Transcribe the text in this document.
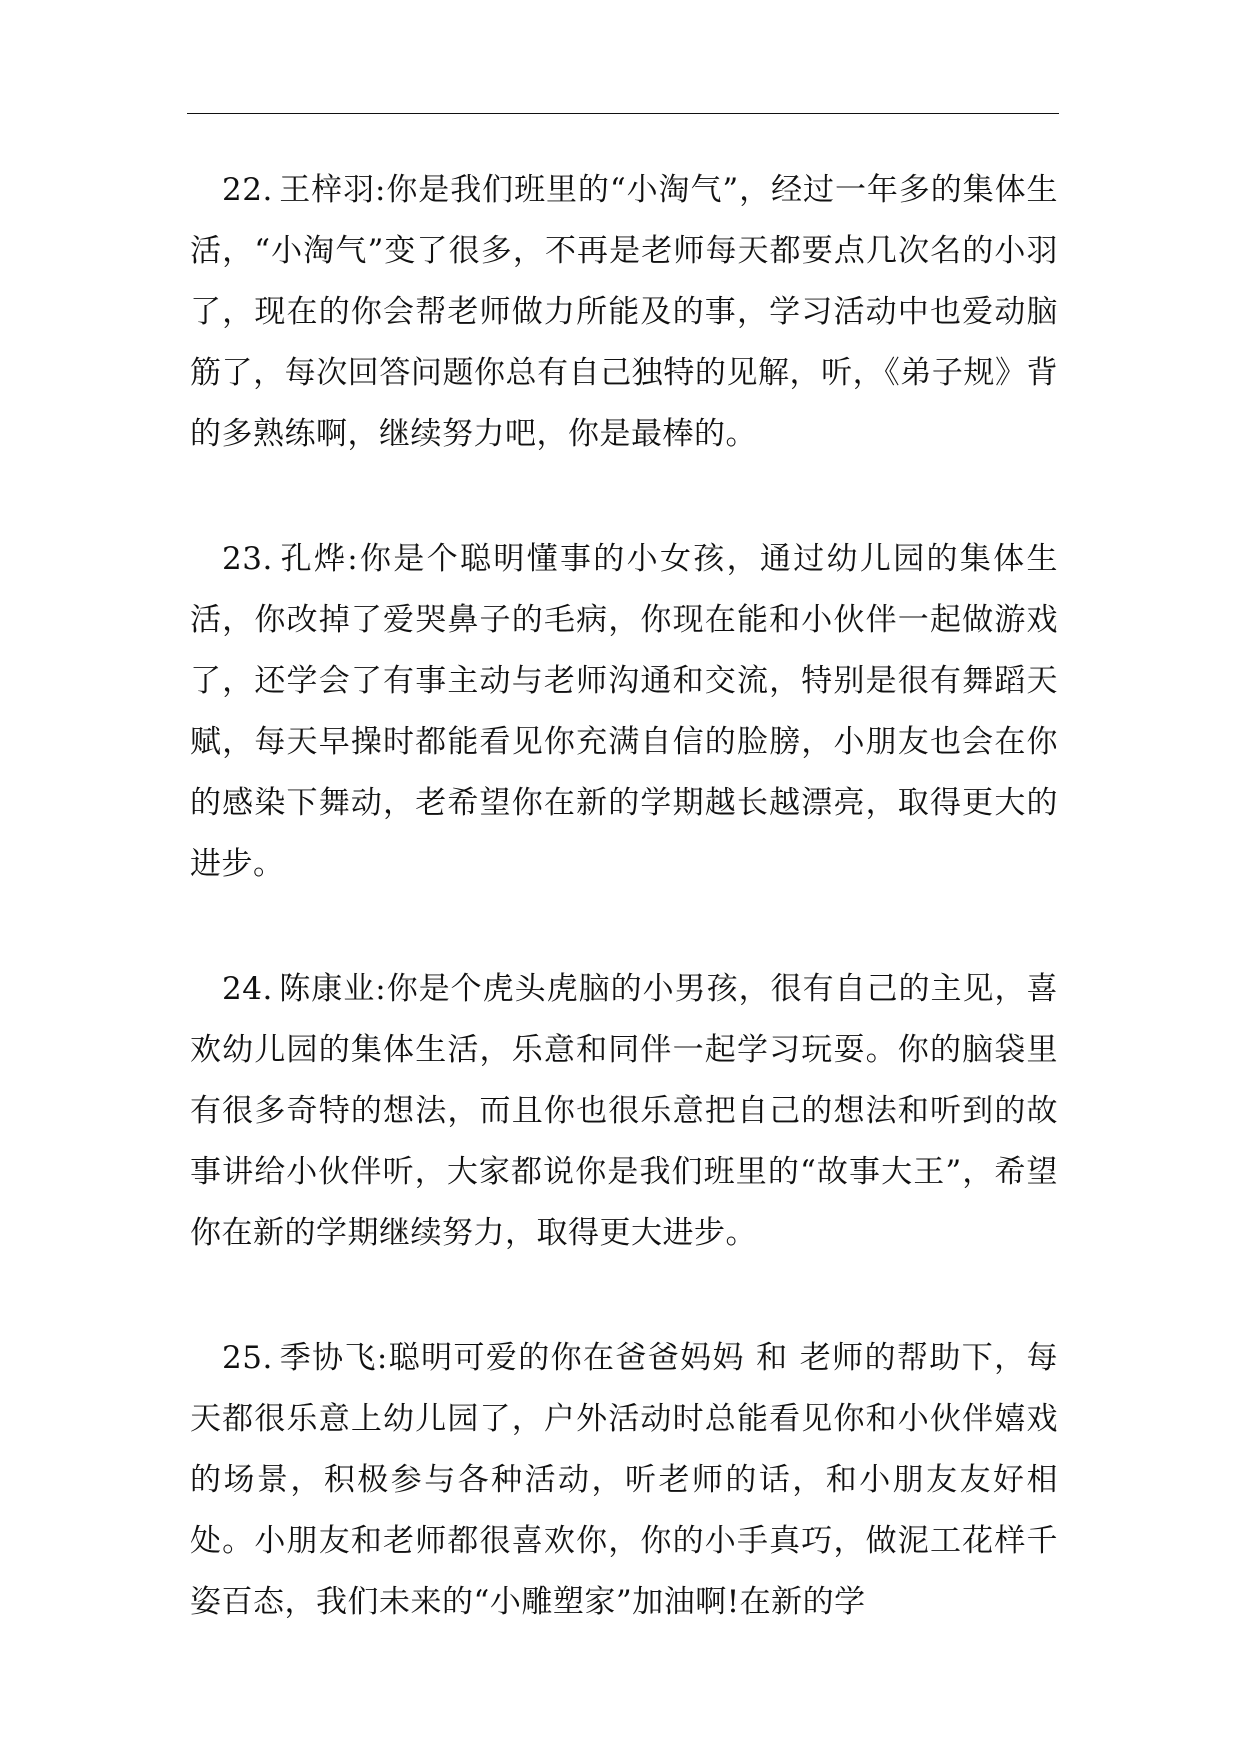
22. 王梓羽:你是我们班里的“小淘气”，经过一年多的集体生活，“小淘气”变了很多，不再是老师每天都要点几次名的小羽了，现在的你会帮老师做力所能及的事，学习活动中也爱动脑筋了，每次回答问题你总有自己独特的见解，听，《弟子规》背的多熟练啊，继续努力吧，你是最棒的。

23. 孔烨:你是个聪明懂事的小女孩，通过幼儿园的集体生活，你改掉了爱哭鼻子的毛病，你现在能和小伙伴一起做游戏了，还学会了有事主动与老师沟通和交流，特别是很有舞蹈天赋，每天早操时都能看见你充满自信的脸膀，小朋友也会在你的感染下舞动，老希望你在新的学期越长越漂亮，取得更大的进步。

24. 陈康业:你是个虎头虎脑的小男孩，很有自己的主见，喜欢幼儿园的集体生活，乐意和同伴一起学习玩耍。你的脑袋里有很多奇特的想法，而且你也很乐意把自己的想法和听到的故事讲给小伙伴听，大家都说你是我们班里的“故事大王”，希望你在新的学期继续努力，取得更大进步。

25. 季协飞:聪明可爱的你在爸爸妈妈 和 老师的帮助下，每天都很乐意上幼儿园了，户外活动时总能看见你和小伙伴嬉戏的场景，积极参与各种活动，听老师的话，和小朋友友好相处。小朋友和老师都很喜欢你，你的小手真巧，做泥工花样千姿百态，我们未来的“小雕塑家”加油啊!在新的学
